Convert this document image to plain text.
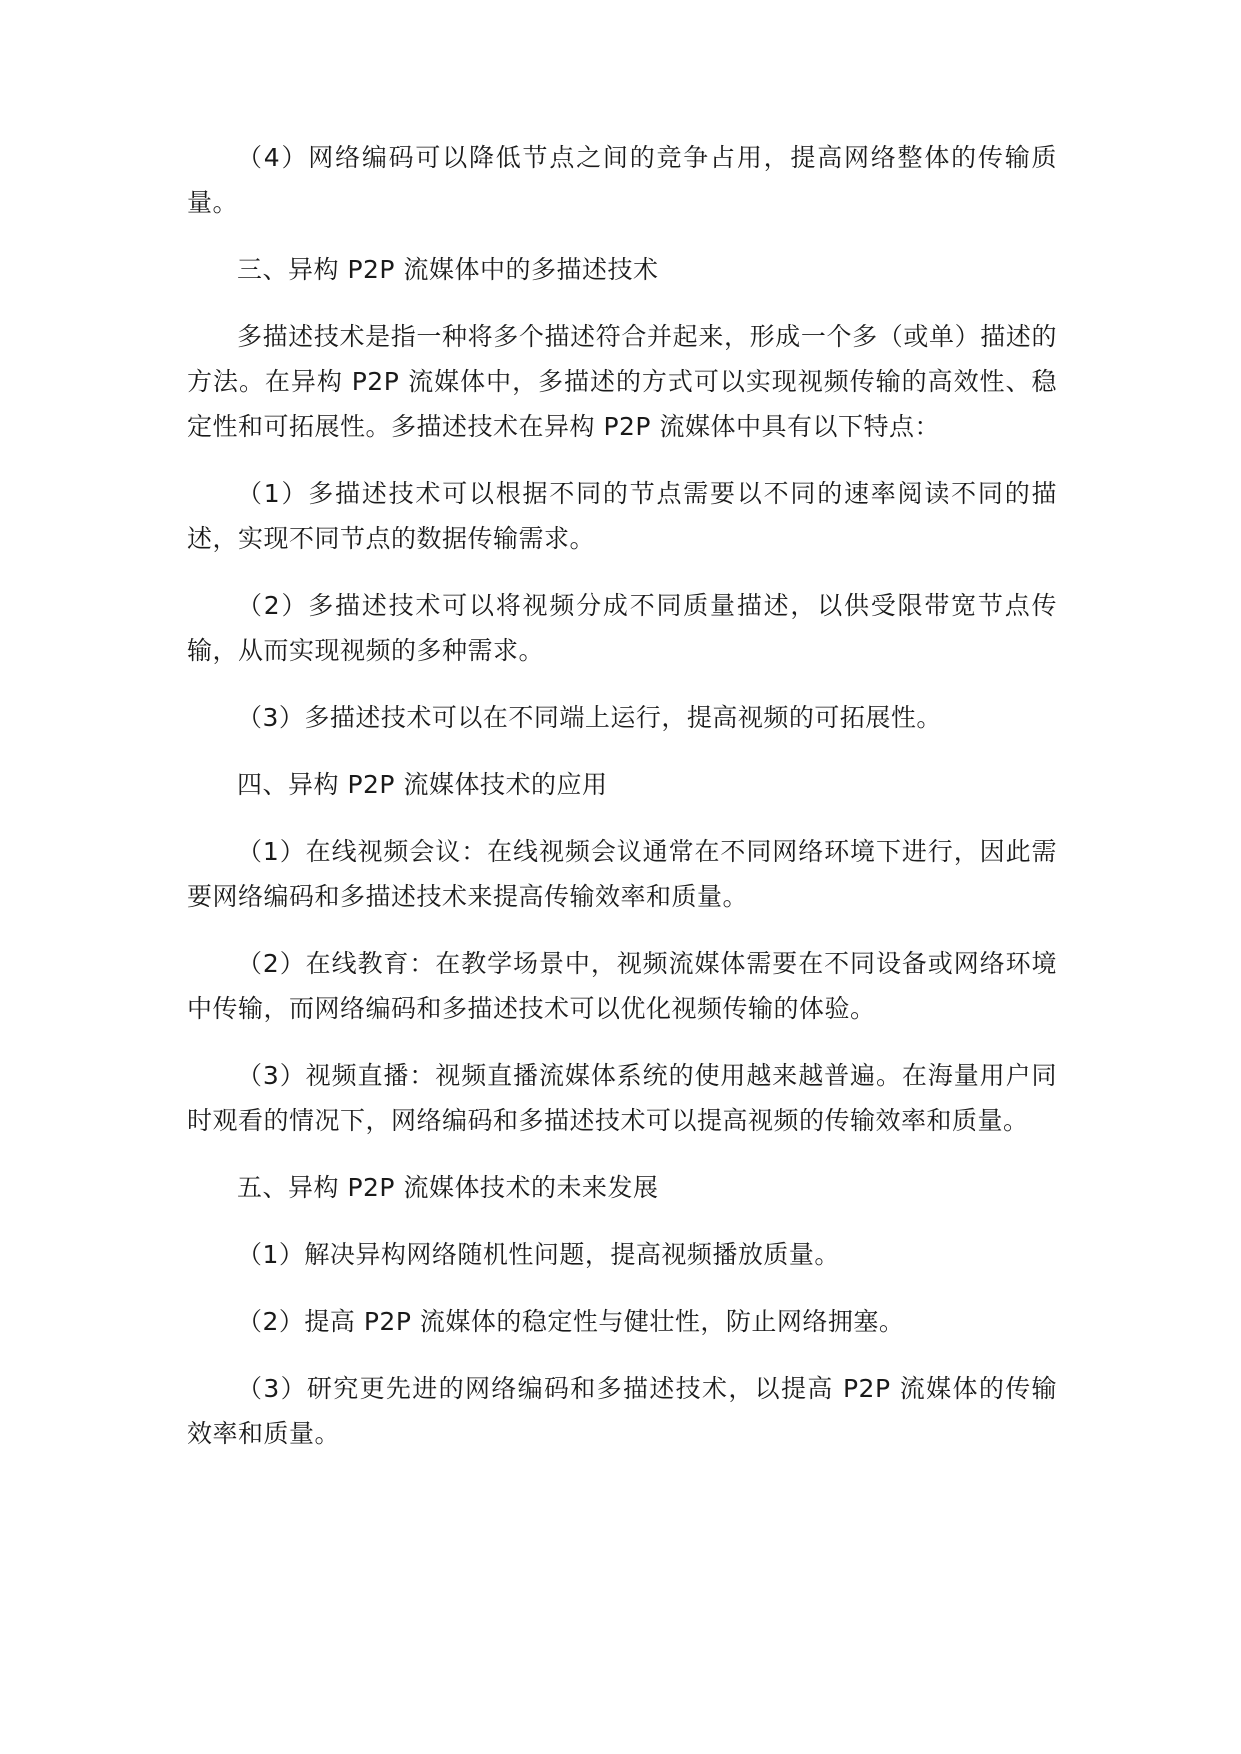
（4）网络编码可以降低节点之间的竞争占用，提高网络整体的传输质量。

三、异构 P2P 流媒体中的多描述技术

多描述技术是指一种将多个描述符合并起来，形成一个多（或单）描述的方法。在异构 P2P 流媒体中，多描述的方式可以实现视频传输的高效性、稳定性和可拓展性。多描述技术在异构 P2P 流媒体中具有以下特点：

（1）多描述技术可以根据不同的节点需要以不同的速率阅读不同的描述，实现不同节点的数据传输需求。

（2）多描述技术可以将视频分成不同质量描述，以供受限带宽节点传输，从而实现视频的多种需求。

（3）多描述技术可以在不同端上运行，提高视频的可拓展性。

四、异构 P2P 流媒体技术的应用

（1）在线视频会议：在线视频会议通常在不同网络环境下进行，因此需要网络编码和多描述技术来提高传输效率和质量。

（2）在线教育：在教学场景中，视频流媒体需要在不同设备或网络环境中传输，而网络编码和多描述技术可以优化视频传输的体验。

（3）视频直播：视频直播流媒体系统的使用越来越普遍。在海量用户同时观看的情况下，网络编码和多描述技术可以提高视频的传输效率和质量。

五、异构 P2P 流媒体技术的未来发展

（1）解决异构网络随机性问题，提高视频播放质量。

（2）提高 P2P 流媒体的稳定性与健壮性，防止网络拥塞。

（3）研究更先进的网络编码和多描述技术，以提高 P2P 流媒体的传输效率和质量。
